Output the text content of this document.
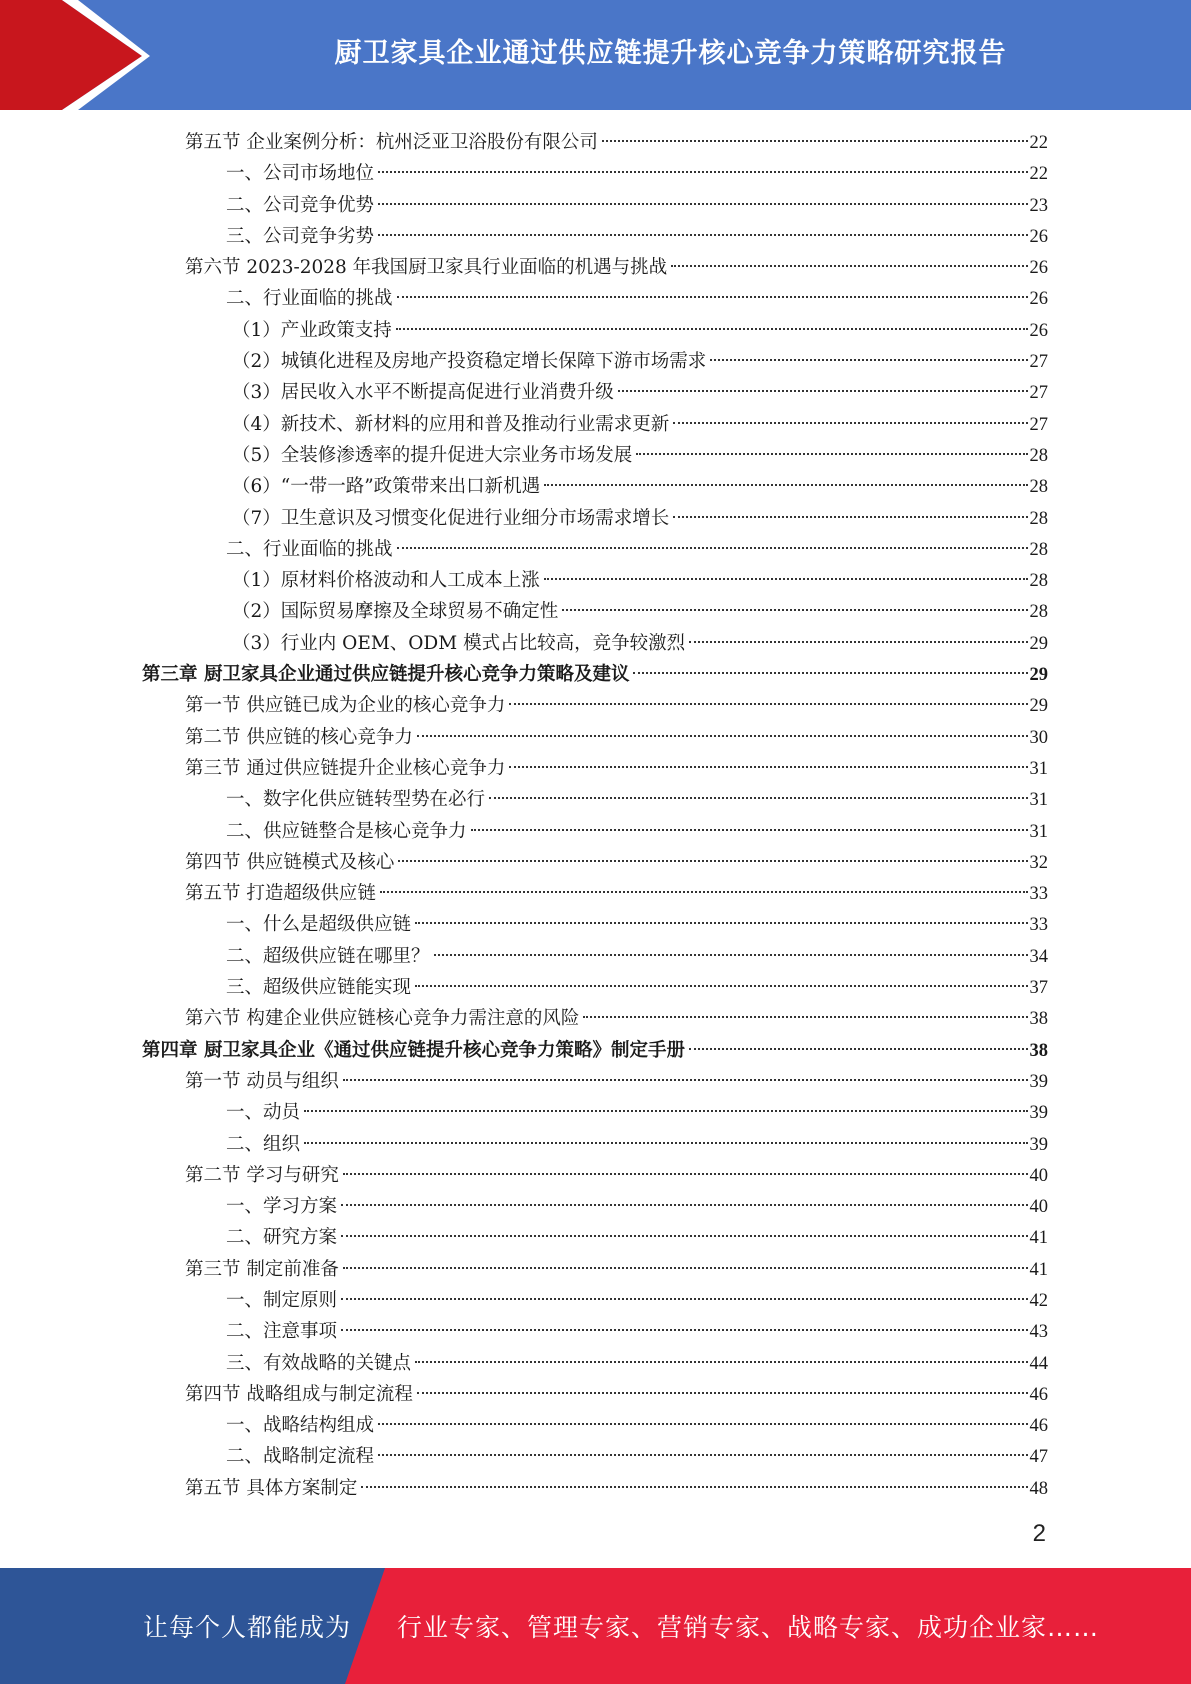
厨卫家具企业通过供应链提升核心竞争力策略研究报告
第五节 企业案例分析：杭州泛亚卫浴股份有限公司	22
一、公司市场地位	22
二、公司竞争优势	23
三、公司竞争劣势	26
第六节 2023-2028 年我国厨卫家具行业面临的机遇与挑战	26
二、行业面临的挑战	26
（1）产业政策支持	26
（2）城镇化进程及房地产投资稳定增长保障下游市场需求	27
（3）居民收入水平不断提高促进行业消费升级	27
（4）新技术、新材料的应用和普及推动行业需求更新	27
（5）全装修渗透率的提升促进大宗业务市场发展	28
（6）“一带一路”政策带来出口新机遇	28
（7）卫生意识及习惯变化促进行业细分市场需求增长	28
二、行业面临的挑战	28
（1）原材料价格波动和人工成本上涨	28
（2）国际贸易摩擦及全球贸易不确定性	28
（3）行业内 OEM、ODM 模式占比较高，竞争较激烈	29
第三章 厨卫家具企业通过供应链提升核心竞争力策略及建议	29
第一节 供应链已成为企业的核心竞争力	29
第二节 供应链的核心竞争力	30
第三节 通过供应链提升企业核心竞争力	31
一、数字化供应链转型势在必行	31
二、供应链整合是核心竞争力	31
第四节 供应链模式及核心	32
第五节 打造超级供应链	33
一、什么是超级供应链	33
二、超级供应链在哪里？	34
三、超级供应链能实现	37
第六节 构建企业供应链核心竞争力需注意的风险	38
第四章 厨卫家具企业《通过供应链提升核心竞争力策略》制定手册	38
第一节 动员与组织	39
一、动员	39
二、组织	39
第二节 学习与研究	40
一、学习方案	40
二、研究方案	41
第三节 制定前准备	41
一、制定原则	42
二、注意事项	43
三、有效战略的关键点	44
第四节 战略组成与制定流程	46
一、战略结构组成	46
二、战略制定流程	47
第五节 具体方案制定	48
2
让每个人都能成为 行业专家、管理专家、营销专家、战略专家、成功企业家……
